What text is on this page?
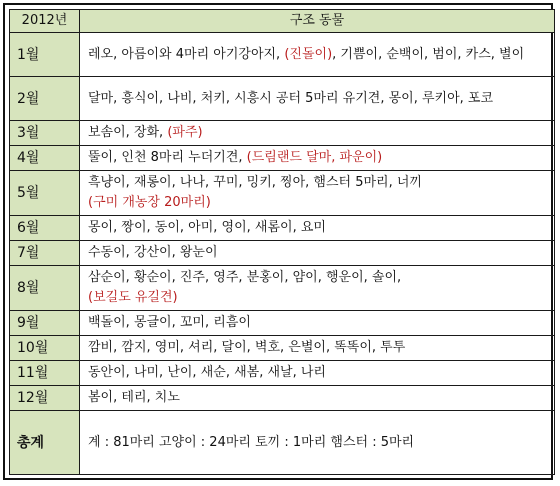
2012년	구조 동물
1월	레오, 아름이와 4마리 아기강아지, (진돌이), 기쁨이, 순백이, 범이, 카스, 별이
2월	달마, 흥식이, 나비, 처키, 시흥시 공터 5마리 유기견, 몽이, 루키아, 포코
3월	보솜이, 장화, (파주)
4월	뚤이, 인천 8마리 누더기견, (드림랜드 달마, 파운이)
5월	흑냥이, 재롱이, 나나, 꾸미, 밍키, 찡아, 햄스터 5마리, 너끼
(구미 개농장 20마리)
6월	몽이, 짱이, 동이, 아미, 영이, 새롬이, 요미
7월	수동이, 강산이, 왕눈이
8월	삼순이, 황순이, 진주, 영주, 분홍이, 얌이, 행운이, 솔이,
(보길도 유길견)
9월	백돌이, 몽글이, 꼬미, 리흠이
10월	깜비, 깜지, 영미, 셔리, 달이, 벽호, 은별이, 똑똑이, 투투
11월	동안이, 나미, 난이, 새순, 새봄, 새날, 나리
12월	봄이, 테리, 치노
총계	계 : 81마리 고양이 : 24마리 토끼 : 1마리 햄스터 : 5마리
